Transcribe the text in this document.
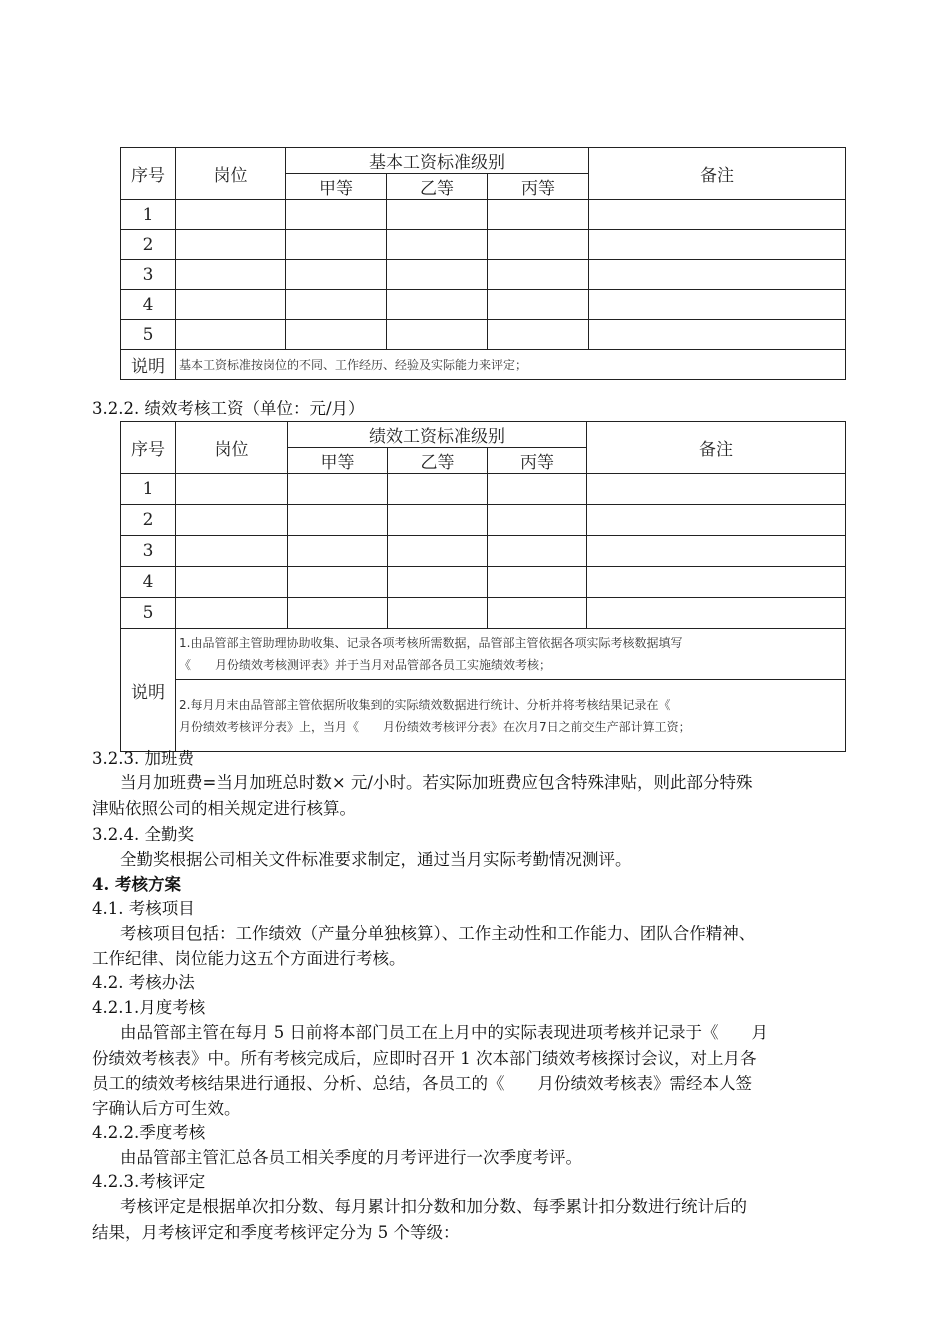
序号	岗位	基本工资标准级别			备注
		甲等	乙等	丙等	
1					
2					
3					
4					
5					
说明	基本工资标准按岗位的不同、工作经历、经验及实际能力来评定；				
3.2.2. 绩效考核工资（单位：元/月）
序号	岗位	绩效工资标准级别			备注
		甲等	乙等	丙等	
1					
2					
3					
4					
5					
说明	1.由品管部主管助理协助收集、记录各项考核所需数据，品管部主管依据各项实际考核数据填写
《　　月份绩效考核测评表》并于当月对品管部各员工实施绩效考核；				

	2.每月月末由品管部主管依据所收集到的实际绩效数据进行统计、分析并将考核结果记录在《
月份绩效考核评分表》上，当月《　　月份绩效考核评分表》在次月7日之前交生产部计算工资；				
3.2.3. 加班费
当月加班费=当月加班总时数× 元/小时。若实际加班费应包含特殊津贴，则此部分特殊
津贴依照公司的相关规定进行核算。
3.2.4. 全勤奖
全勤奖根据公司相关文件标准要求制定，通过当月实际考勤情况测评。
4. 考核方案
4.1. 考核项目
考核项目包括：工作绩效（产量分单独核算）、工作主动性和工作能力、团队合作精神、
工作纪律、岗位能力这五个方面进行考核。
4.2. 考核办法
4.2.1.月度考核
由品管部主管在每月 5 日前将本部门员工在上月中的实际表现进项考核并记录于《　　月
份绩效考核表》中。所有考核完成后，应即时召开 1 次本部门绩效考核探讨会议，对上月各
员工的绩效考核结果进行通报、分析、总结，各员工的《　　月份绩效考核表》需经本人签
字确认后方可生效。
4.2.2.季度考核
由品管部主管汇总各员工相关季度的月考评进行一次季度考评。
4.2.3.考核评定
考核评定是根据单次扣分数、每月累计扣分数和加分数、每季累计扣分数进行统计后的
结果，月考核评定和季度考核评定分为 5 个等级：
